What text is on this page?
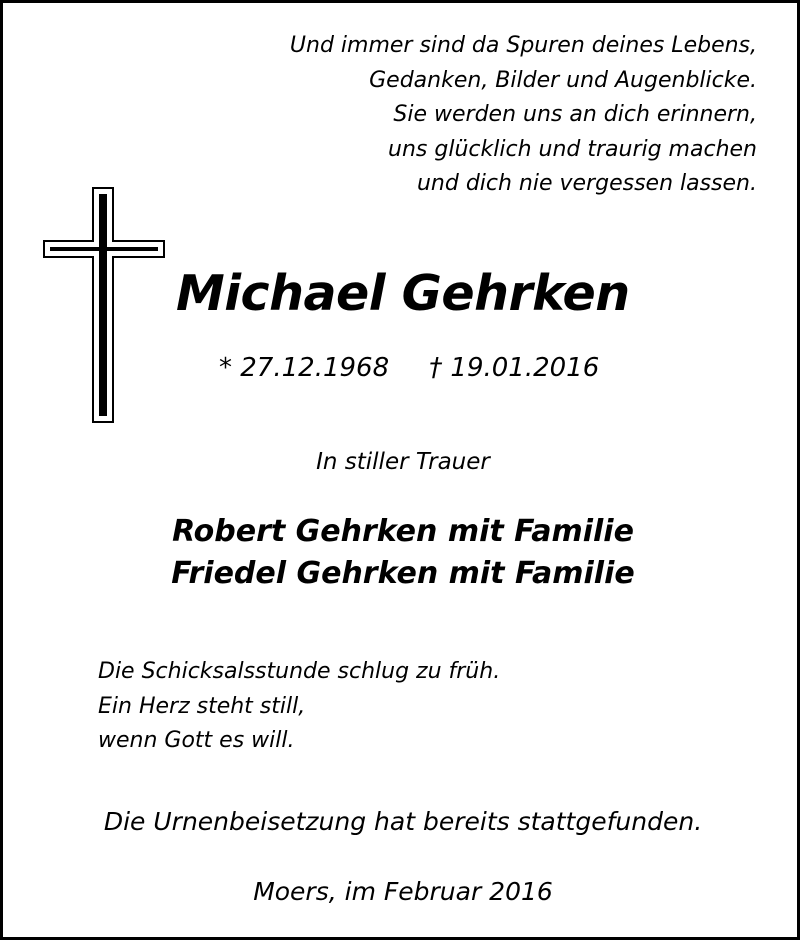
Und immer sind da Spuren deines Lebens,
Gedanken, Bilder und Augenblicke.
Sie werden uns an dich erinnern,
uns glücklich und traurig machen
und dich nie vergessen lassen.
Michael Gehrken
* 27.12.1968 † 19.01.2016
In stiller Trauer
Robert Gehrken mit Familie
Friedel Gehrken mit Familie
Die Schicksalsstunde schlug zu früh.
Ein Herz steht still,
wenn Gott es will.
Die Urnenbeisetzung hat bereits stattgefunden.
Moers, im Februar 2016
